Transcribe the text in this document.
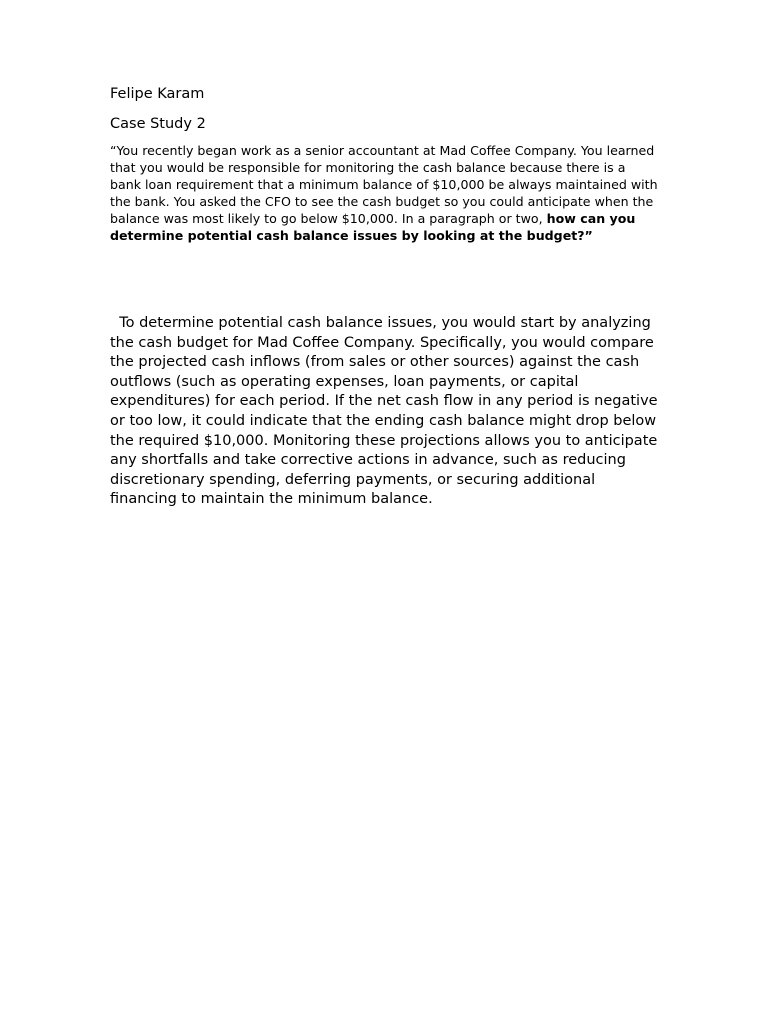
Felipe Karam

Case Study 2

“You recently began work as a senior accountant at Mad Coffee Company. You learned that you would be responsible for monitoring the cash balance because there is a bank loan requirement that a minimum balance of $10,000 be always maintained with the bank. You asked the CFO to see the cash budget so you could anticipate when the balance was most likely to go below $10,000. In a paragraph or two, how can you determine potential cash balance issues by looking at the budget?”

To determine potential cash balance issues, you would start by analyzing the cash budget for Mad Coffee Company. Specifically, you would compare the projected cash inflows (from sales or other sources) against the cash outflows (such as operating expenses, loan payments, or capital expenditures) for each period. If the net cash flow in any period is negative or too low, it could indicate that the ending cash balance might drop below the required $10,000. Monitoring these projections allows you to anticipate any shortfalls and take corrective actions in advance, such as reducing discretionary spending, deferring payments, or securing additional financing to maintain the minimum balance.
